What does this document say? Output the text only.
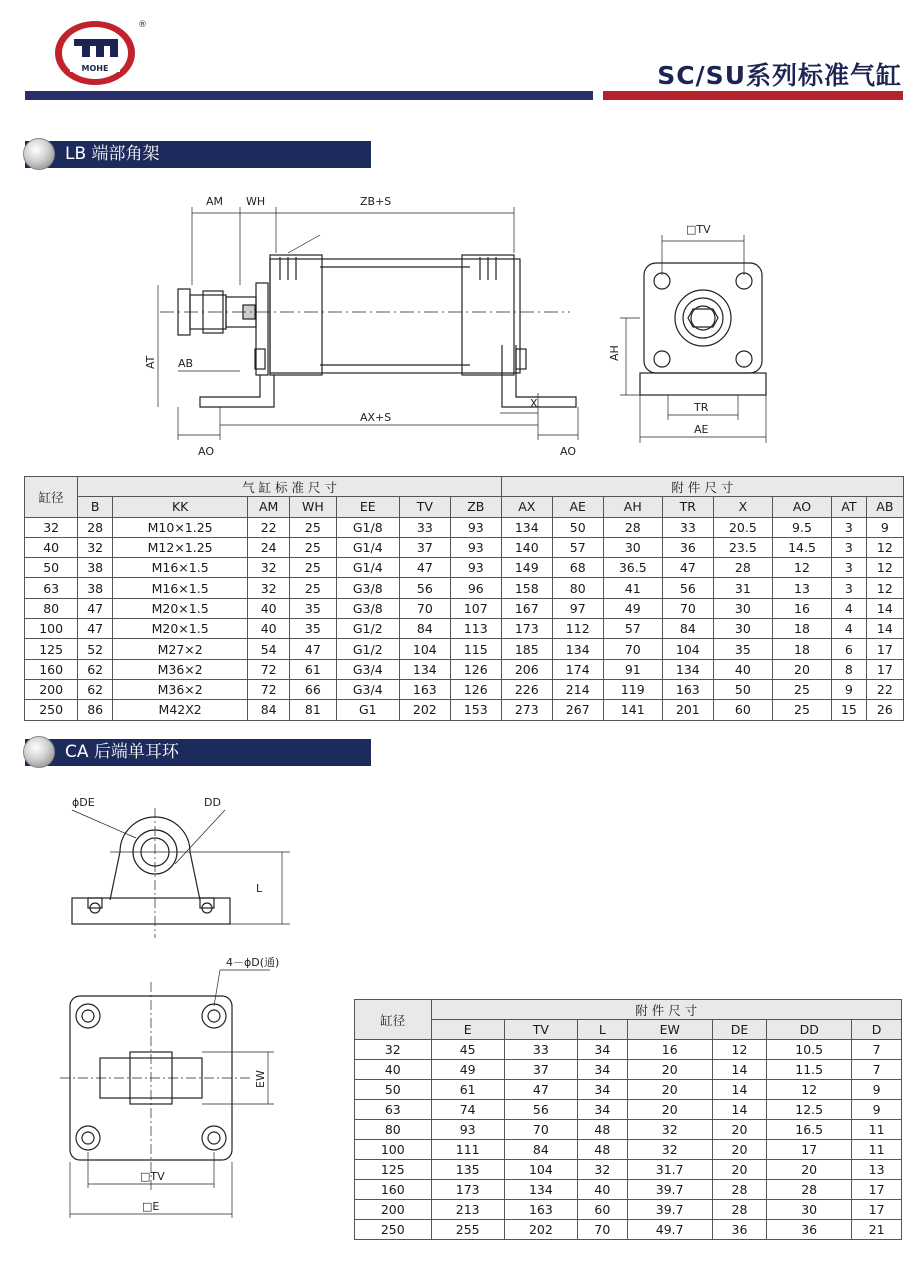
MOHE
®
SC/SU系列标准气缸
LB 端部角架
AM WH	ZB+S
AT AB
AO
AX+S
X
AO
□TV
AH
TR
AE
缸径	气 缸 标 准 尺 寸							附 件 尺 寸							
	B	KK	AM	WH	EE	TV	ZB	AX	AE	AH	TR	X	AO	AT	AB
32	28	M10×1.25	22	25	G1/8	33	93	134	50	28	33	20.5	9.5	3	9
40	32	M12×1.25	24	25	G1/4	37	93	140	57	30	36	23.5	14.5	3	12
50	38	M16×1.5	32	25	G1/4	47	93	149	68	36.5	47	28	12	3	12
63	38	M16×1.5	32	25	G3/8	56	96	158	80	41	56	31	13	3	12
80	47	M20×1.5	40	35	G3/8	70	107	167	97	49	70	30	16	4	14
100	47	M20×1.5	40	35	G1/2	84	113	173	112	57	84	30	18	4	14
125	52	M27×2	54	47	G1/2	104	115	185	134	70	104	35	18	6	17
160	62	M36×2	72	61	G3/4	134	126	206	174	91	134	40	20	8	17
200	62	M36×2	72	66	G3/4	163	126	226	214	119	163	50	25	9	22
250	86	M42X2	84	81	G1	202	153	273	267	141	201	60	25	15	26
CA 后端单耳环
ϕDE	DD
L
4－ϕD(通)
EW
□TV
□E
缸径	附 件 尺 寸						
	E	TV	L	EW	DE	DD	D
32	45	33	34	16	12	10.5	7
40	49	37	34	20	14	11.5	7
50	61	47	34	20	14	12	9
63	74	56	34	20	14	12.5	9
80	93	70	48	32	20	16.5	11
100	111	84	48	32	20	17	11
125	135	104	32	31.7	20	20	13
160	173	134	40	39.7	28	28	17
200	213	163	60	39.7	28	30	17
250	255	202	70	49.7	36	36	21
